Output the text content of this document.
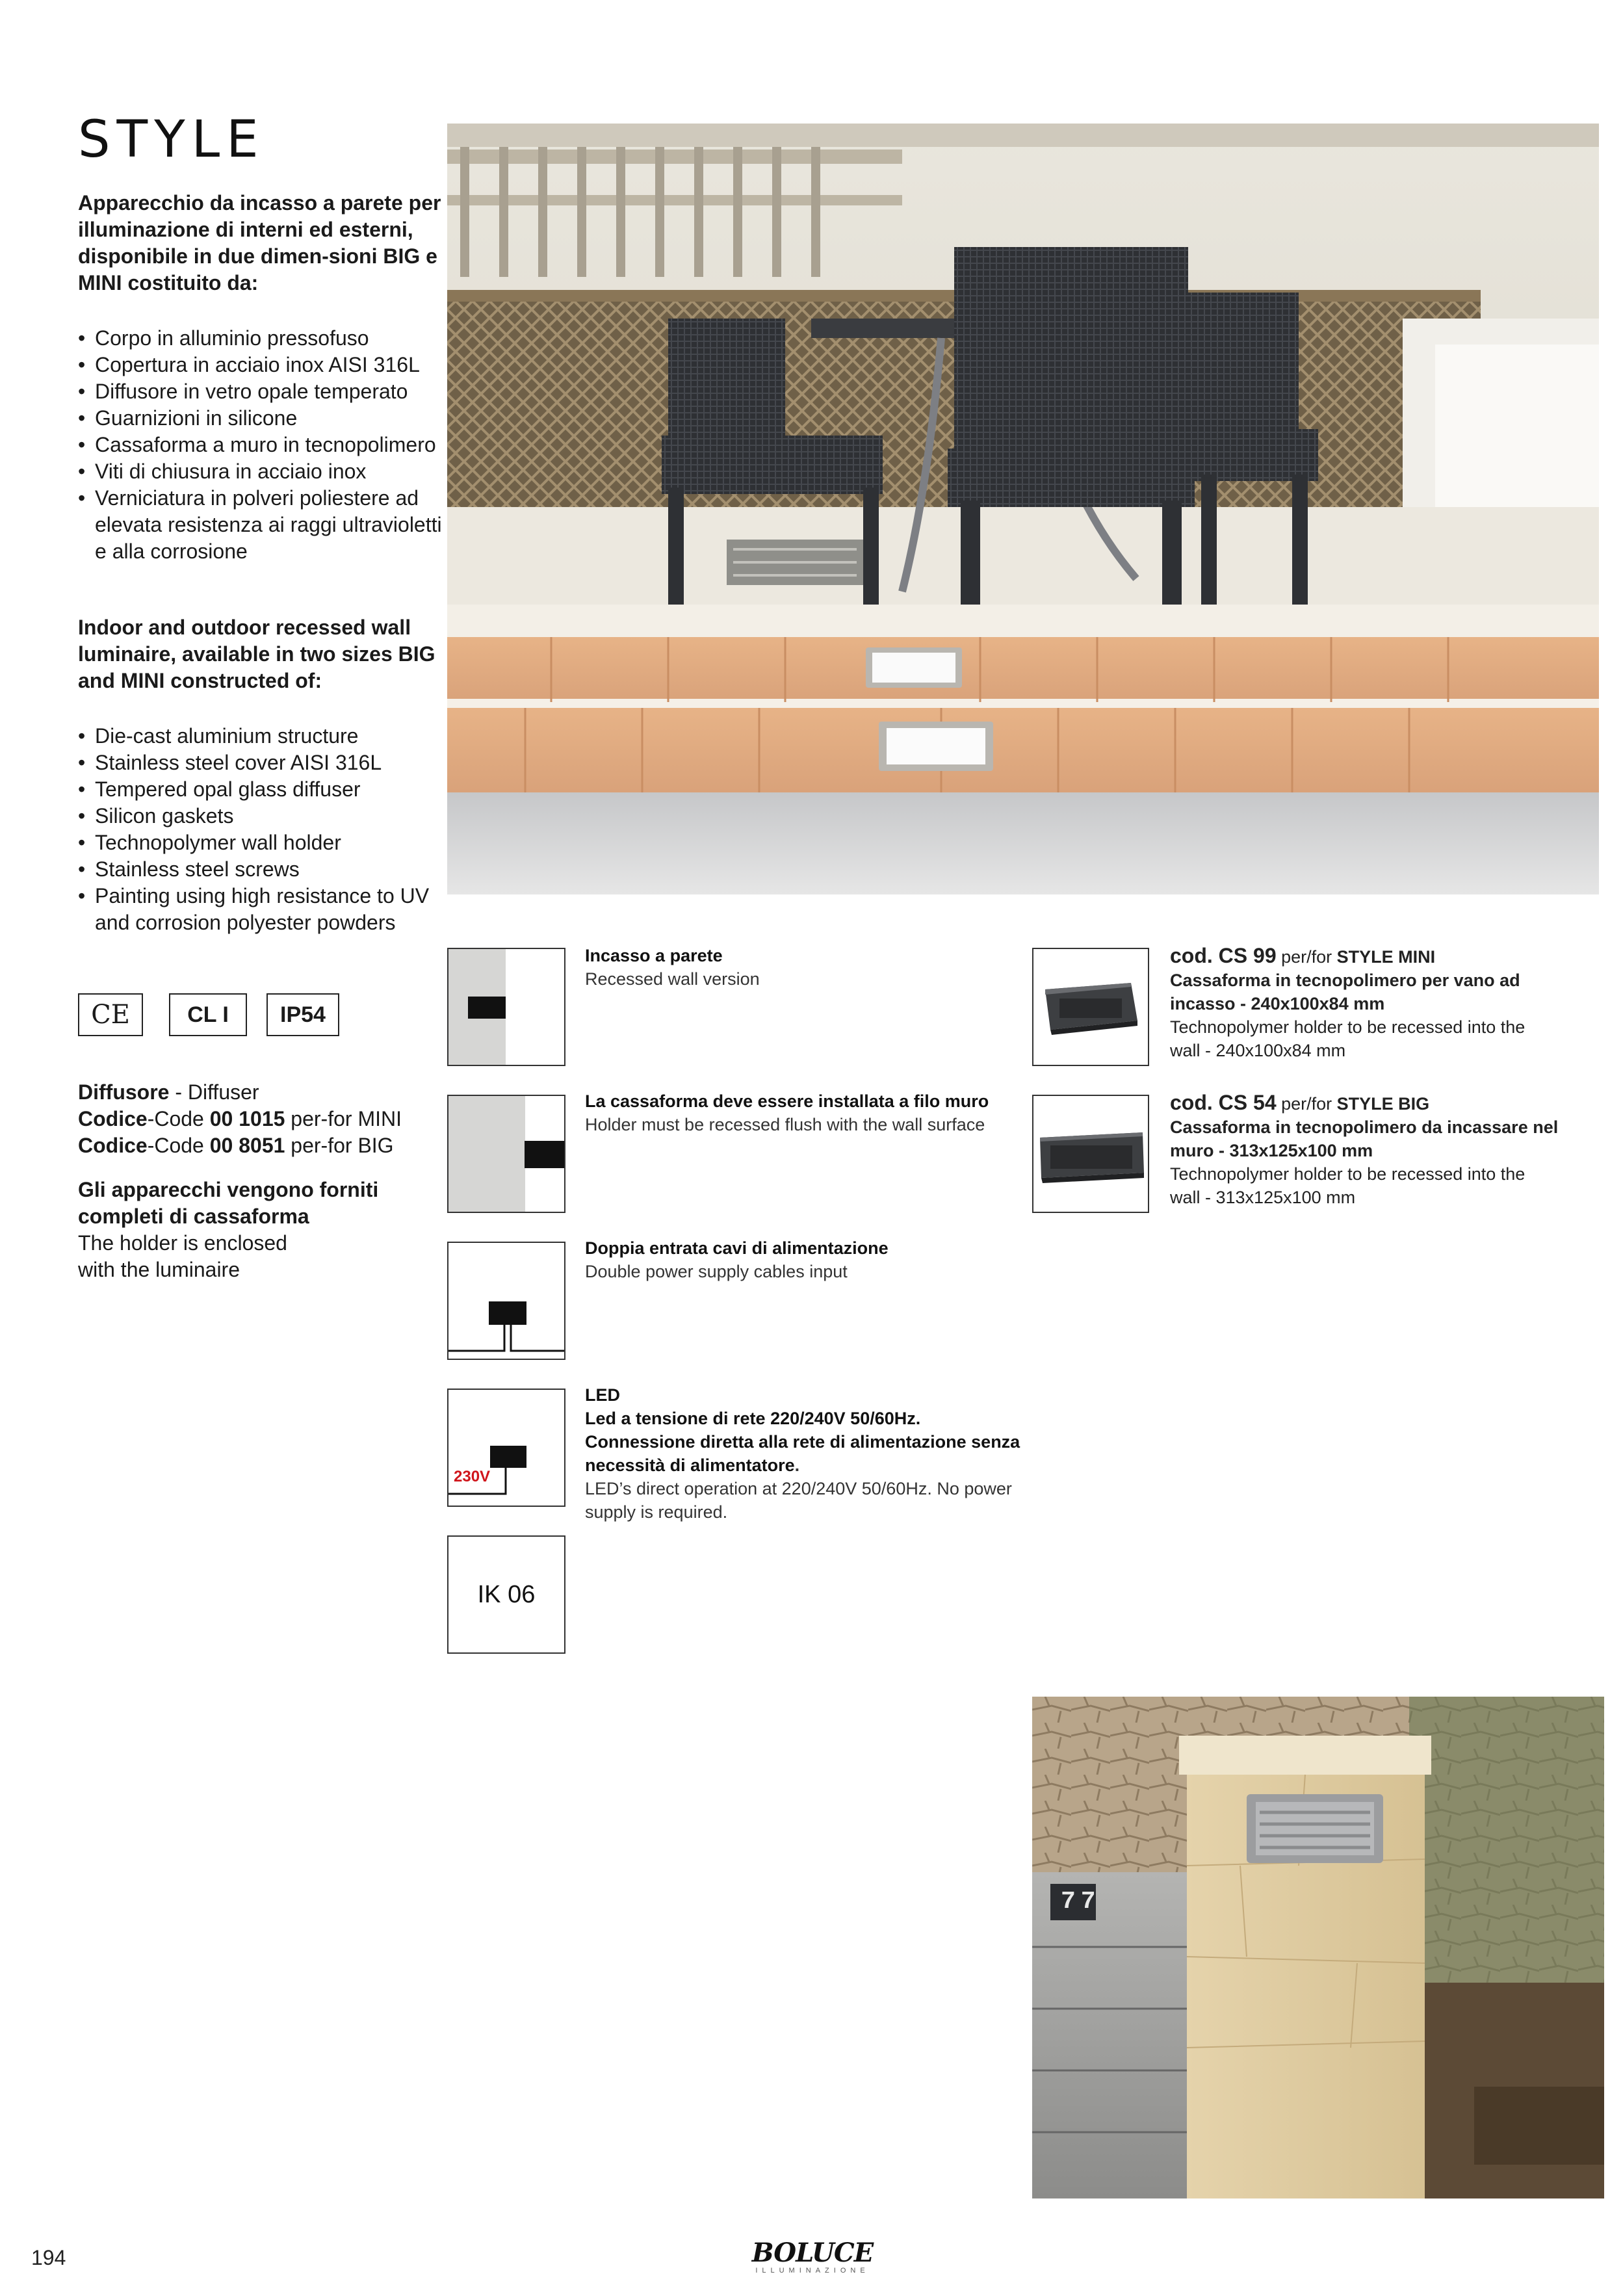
STYLE
Apparecchio da incasso a parete per illuminazione di interni ed esterni, disponibile in due dimen-sioni BIG e MINI costituito da:
• Corpo in alluminio pressofuso
• Copertura in acciaio inox AISI 316L
• Diffusore in vetro opale temperato
• Guarnizioni in silicone
• Cassaforma a muro in tecnopolimero
• Viti di chiusura in acciaio inox
• Verniciatura in polveri poliestere ad elevata resistenza ai raggi ultravioletti e alla corrosione
Indoor and outdoor recessed wall luminaire, available in two sizes BIG and MINI constructed of:
• Die-cast aluminium structure
• Stainless steel cover AISI 316L
• Tempered opal glass diffuser
• Silicon gaskets
• Technopolymer wall holder
• Stainless steel screws
• Painting using high resistance to UV and corrosion polyester powders
CE	CL I	IP54
Diffusore - Diffuser
Codice-Code 00 1015 per-for MINI
Codice-Code 00 8051 per-for BIG
Gli apparecchi vengono forniti
completi di cassaforma
The holder is enclosed
with the luminaire
Incasso a parete
Recessed wall version
La cassaforma deve essere installata a filo muro
Holder must be recessed flush with the wall surface
Doppia entrata cavi di alimentazione
Double power supply cables input
230V
LED
Led a tensione di rete 220/240V 50/60Hz. Connessione diretta alla rete di alimentazione senza necessità di alimentatore.
LED’s direct operation at 220/240V 50/60Hz. No power supply is required.
IK 06
cod. CS 99 per/for STYLE MINI
Cassaforma in tecnopolimero per vano ad incasso - 240x100x84 mm
Technopolymer holder to be recessed into the wall - 240x100x84 mm
cod. CS 54 per/for STYLE BIG
Cassaforma in tecnopolimero da incassare nel muro - 313x125x100 mm
Technopolymer holder to be recessed into the wall - 313x125x100 mm
77
194	BOLUCE
ILLUMINAZIONE
